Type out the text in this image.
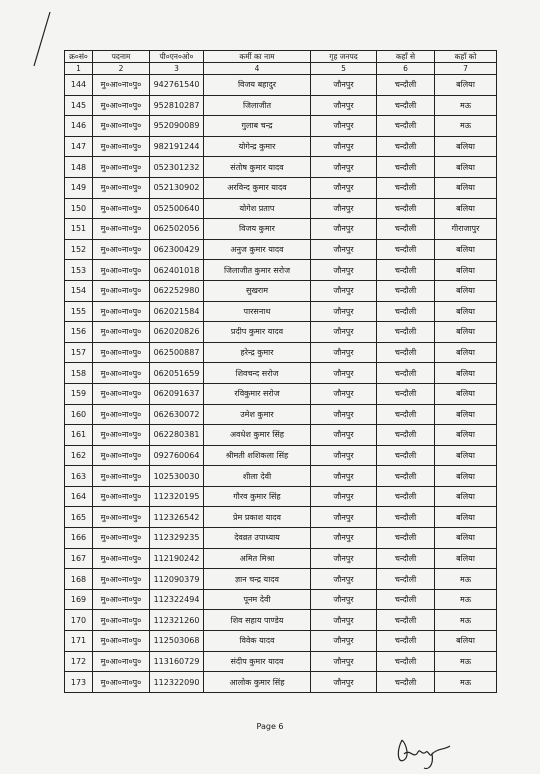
क्र०सं०	पदनाम	पी०एन०ओ०	कर्मी का नाम	गृह जनपद	कहाँ से	कहाँ को
1	2	3	4	5	6	7
144	मु०आ०ना०पु०	942761540	विजय बहादुर	जौनपुर	चन्दौली	बलिया
145	मु०आ०ना०पु०	952810287	जिलाजीत	जौनपुर	चन्दौली	मऊ
146	मु०आ०ना०पु०	952090089	गुलाब चन्द्र	जौनपुर	चन्दौली	मऊ
147	मु०आ०ना०पु०	982191244	योगेन्द्र कुमार	जौनपुर	चन्दौली	बलिया
148	मु०आ०ना०पु०	052301232	संतोष कुमार यादव	जौनपुर	चन्दौली	बलिया
149	मु०आ०ना०पु०	052130902	अरविन्द कुमार यादव	जौनपुर	चन्दौली	बलिया
150	मु०आ०ना०पु०	052500640	योगेश प्रताप	जौनपुर	चन्दौली	बलिया
151	मु०आ०ना०पु०	062502056	विजय कुमार	जौनपुर	चन्दौली	गीराजापुर
152	मु०आ०ना०पु०	062300429	अनुज कुमार यादव	जौनपुर	चन्दौली	बलिया
153	मु०आ०ना०पु०	062401018	जिलाजीत कुमार सरोज	जौनपुर	चन्दौली	बलिया
154	मु०आ०ना०पु०	062252980	सुखराम	जौनपुर	चन्दौली	बलिया
155	मु०आ०ना०पु०	062021584	पारसनाथ	जौनपुर	चन्दौली	बलिया
156	मु०आ०ना०पु०	062020826	प्रदीप कुमार यादव	जौनपुर	चन्दौली	बलिया
157	मु०आ०ना०पु०	062500887	हरेन्द्र कुमार	जौनपुर	चन्दौली	बलिया
158	मु०आ०ना०पु०	062051659	शिवचन्द सरोज	जौनपुर	चन्दौली	बलिया
159	मु०आ०ना०पु०	062091637	रविकुमार सरोज	जौनपुर	चन्दौली	बलिया
160	मु०आ०ना०पु०	062630072	उमेश कुमार	जौनपुर	चन्दौली	बलिया
161	मु०आ०ना०पु०	062280381	अवधेश कुमार सिंह	जौनपुर	चन्दौली	बलिया
162	मु०आ०ना०पु०	092760064	श्रीमती शशिकला सिंह	जौनपुर	चन्दौली	बलिया
163	मु०आ०ना०पु०	102530030	शीला देवी	जौनपुर	चन्दौली	बलिया
164	मु०आ०ना०पु०	112320195	गौरव कुमार सिंह	जौनपुर	चन्दौली	बलिया
165	मु०आ०ना०पु०	112326542	प्रेम प्रकाश यादव	जौनपुर	चन्दौली	बलिया
166	मु०आ०ना०पु०	112329235	देवव्रत उपाध्याय	जौनपुर	चन्दौली	बलिया
167	मु०आ०ना०पु०	112190242	अमित मिश्रा	जौनपुर	चन्दौली	बलिया
168	मु०आ०ना०पु०	112090379	ज्ञान चन्द्र यादव	जौनपुर	चन्दौली	मऊ
169	मु०आ०ना०पु०	112322494	पूनम देवी	जौनपुर	चन्दौली	मऊ
170	मु०आ०ना०पु०	112321260	शिव सहाय पाण्डेय	जौनपुर	चन्दौली	मऊ
171	मु०आ०ना०पु०	112503068	विवेक यादव	जौनपुर	चन्दौली	बलिया
172	मु०आ०ना०पु०	113160729	संदीप कुमार यादव	जौनपुर	चन्दौली	मऊ
173	मु०आ०ना०पु०	112322090	आलोक कुमार सिंह	जौनपुर	चन्दौली	मऊ
Page 6
